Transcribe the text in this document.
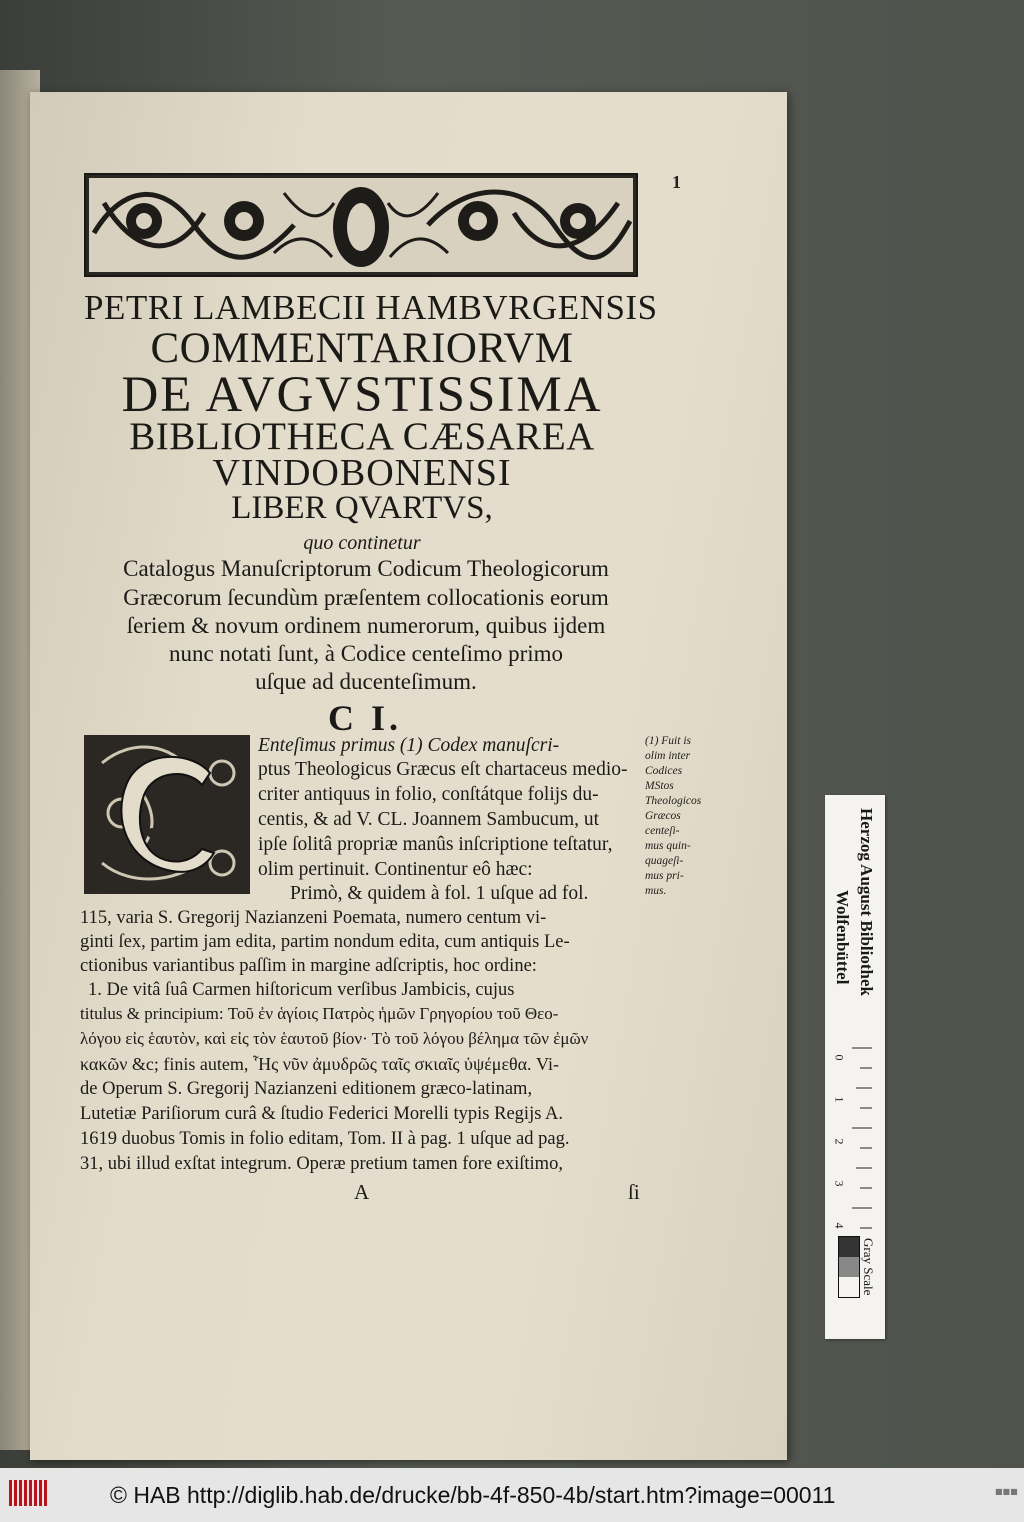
1
PETRI LAMBECII HAMBVRGENSIS
COMMENTARIORVM
DE AVGVSTISSIMA
BIBLIOTHECA CÆSAREA
VINDOBONENSI
LIBER QVARTVS,
quo continetur
Catalogus Manuſcriptorum Codicum Theologicorum
Græcorum ſecundùm præſentem collocationis eorum
ſeriem & novum ordinem numerorum, quibus ijdem
nunc notati ſunt, à Codice centeſimo primo
uſque ad ducenteſimum.
C I.
Enteſimus primus (1) Codex manuſcri-
ptus Theologicus Græcus eſt chartaceus medio-
criter antiquus in folio, conſtátque folijs du-
centis, & ad V. CL. Joannem Sambucum, ut
ipſe ſolitâ propriæ manûs inſcriptione teſtatur,
olim pertinuit. Continentur eô hæc:
Primò, & quidem à fol. 1 uſque ad fol.
115, varia S. Gregorij Nazianzeni Poemata, numero centum vi-
ginti ſex, partim jam edita, partim nondum edita, cum antiquis Le-
ctionibus variantibus paſſim in margine adſcriptis, hoc ordine:
1. De vitâ ſuâ Carmen hiſtoricum verſibus Jambicis, cujus
titulus & principium: Τοῦ ἐν ἁγίοις Πατρὸς ἡμῶν Γρηγορίου τοῦ Θεο-
λόγου εἰς ἑαυτὸν, καὶ εἰς τὸν ἑαυτοῦ βίον· Τὸ τοῦ λόγου βέλημα τῶν ἐμῶν
κακῶν &c; finis autem, Ἧς νῦν ἀμυδρῶς ταῖς σκιαῖς ὑψέμεθα. Vi-
de Operum S. Gregorij Nazianzeni editionem græco-latinam,
Lutetiæ Pariſiorum curâ & ſtudio Federici Morelli typis Regijs A.
1619 duobus Tomis in folio editam, Tom. II à pag. 1 uſque ad pag.
31, ubi illud exſtat integrum. Operæ pretium tamen fore exiſtimo,
(1) Fuit is
olim inter
Codices
MStos
Theologicos
Græcos
centeſi-
mus quin-
quageſi-
mus pri-
mus.
A	ſi
Herzog August Bibliothek
Wolfenbüttel
0
1
2
3
4
Gray Scale
© HAB http://diglib.hab.de/drucke/bb-4f-850-4b/start.htm?image=00011	■■■
